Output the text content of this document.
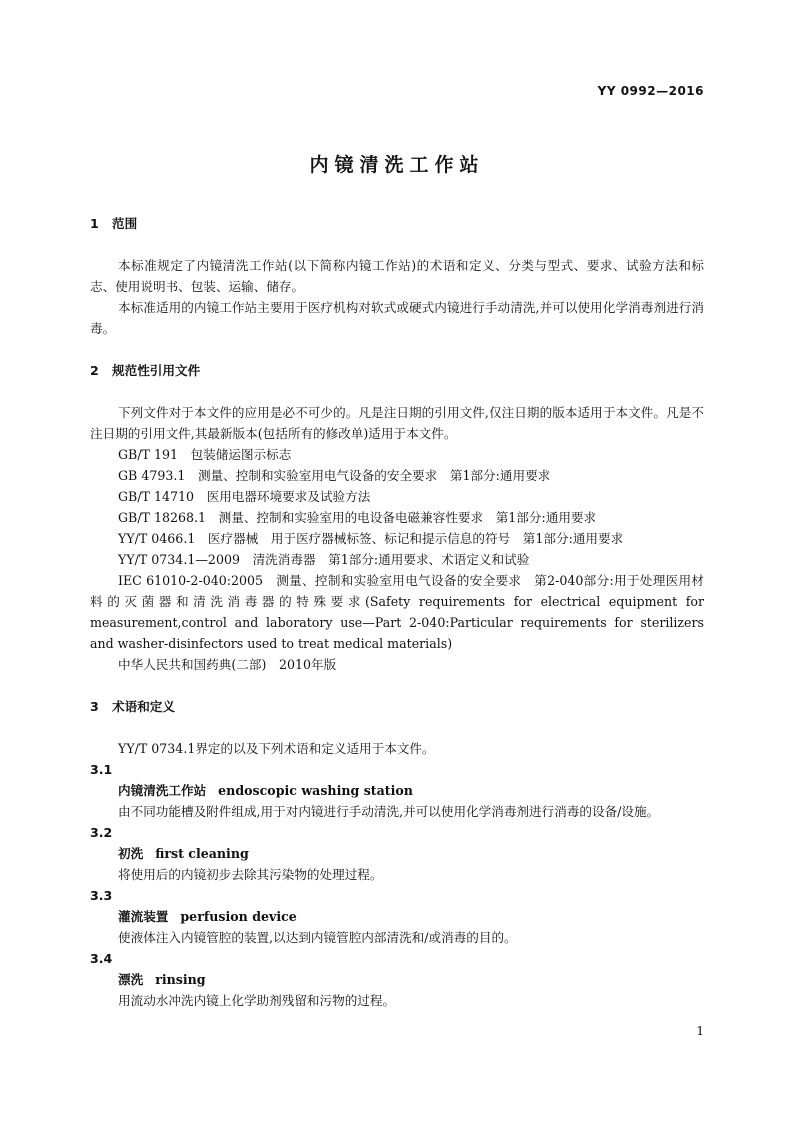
YY 0992—2016
内镜清洗工作站
1 范围
本标准规定了内镜清洗工作站(以下简称内镜工作站)的术语和定义、分类与型式、要求、试验方法和标志、使用说明书、包装、运输、储存。
本标准适用的内镜工作站主要用于医疗机构对软式或硬式内镜进行手动清洗,并可以使用化学消毒剂进行消毒。
2 规范性引用文件
下列文件对于本文件的应用是必不可少的。凡是注日期的引用文件,仅注日期的版本适用于本文件。凡是不注日期的引用文件,其最新版本(包括所有的修改单)适用于本文件。
GB/T 191　包装储运图示标志
GB 4793.1　测量、控制和实验室用电气设备的安全要求　第1部分:通用要求
GB/T 14710　医用电器环境要求及试验方法
GB/T 18268.1　测量、控制和实验室用的电设备电磁兼容性要求　第1部分:通用要求
YY/T 0466.1　医疗器械　用于医疗器械标签、标记和提示信息的符号　第1部分:通用要求
YY/T 0734.1—2009　清洗消毒器　第1部分:通用要求、术语定义和试验
IEC 61010-2-040:2005　测量、控制和实验室用电气设备的安全要求　第2-040部分:用于处理医用材料的灭菌器和清洗消毒器的特殊要求(Safety requirements for electrical equipment for measurement,control and laboratory use—Part 2-040:Particular requirements for sterilizers and washer-disinfectors used to treat medical materials)
中华人民共和国药典(二部)　2010年版
3 术语和定义
YY/T 0734.1界定的以及下列术语和定义适用于本文件。
3.1
内镜清洗工作站 endoscopic washing station
由不同功能槽及附件组成,用于对内镜进行手动清洗,并可以使用化学消毒剂进行消毒的设备/设施。
3.2
初洗 first cleaning
将使用后的内镜初步去除其污染物的处理过程。
3.3
灌流装置 perfusion device
使液体注入内镜管腔的装置,以达到内镜管腔内部清洗和/或消毒的目的。
3.4
漂洗 rinsing
用流动水冲洗内镜上化学助剂残留和污物的过程。
1
